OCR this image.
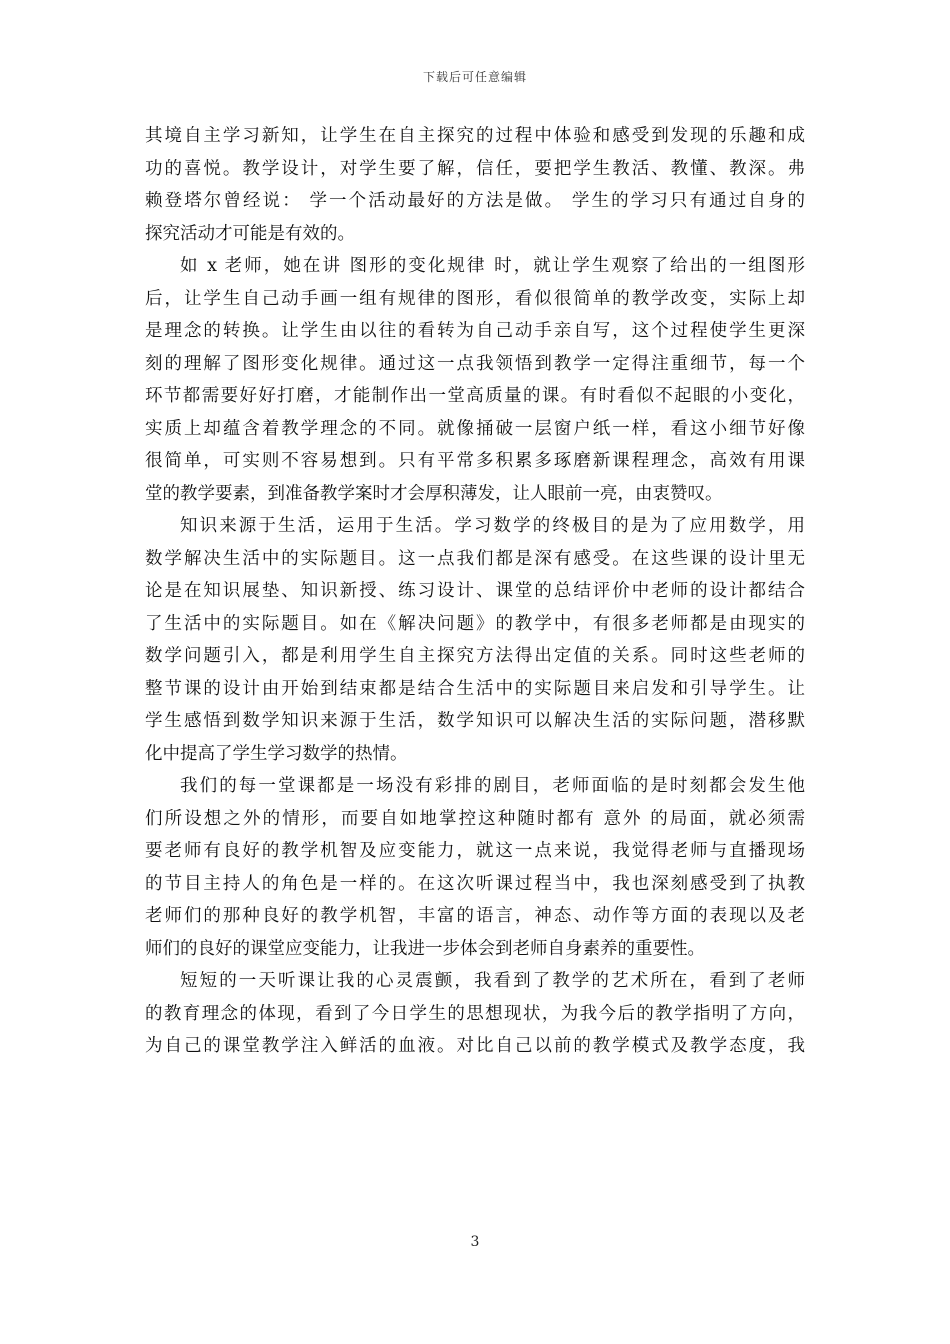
下载后可任意编辑

其境自主学习新知，让学生在自主探究的过程中体验和感受到发现的乐趣和成
功的喜悦。教学设计，对学生要了解，信任，要把学生教活、教懂、教深。弗
赖登塔尔曾经说： 学一个活动最好的方法是做。 学生的学习只有通过自身的
探究活动才可能是有效的。

如 x 老师，她在讲 图形的变化规律 时，就让学生观察了给出的一组图形
后，让学生自己动手画一组有规律的图形，看似很简单的教学改变，实际上却
是理念的转换。让学生由以往的看转为自己动手亲自写，这个过程使学生更深
刻的理解了图形变化规律。通过这一点我领悟到教学一定得注重细节，每一个
环节都需要好好打磨，才能制作出一堂高质量的课。有时看似不起眼的小变化，
实质上却蕴含着教学理念的不同。就像捅破一层窗户纸一样，看这小细节好像
很简单，可实则不容易想到。只有平常多积累多琢磨新课程理念，高效有用课
堂的教学要素，到准备教学案时才会厚积薄发，让人眼前一亮，由衷赞叹。

知识来源于生活，运用于生活。学习数学的终极目的是为了应用数学，用
数学解决生活中的实际题目。这一点我们都是深有感受。在这些课的设计里无
论是在知识展垫、知识新授、练习设计、课堂的总结评价中老师的设计都结合
了生活中的实际题目。如在《解决问题》的教学中，有很多老师都是由现实的
数学问题引入，都是利用学生自主探究方法得出定值的关系。同时这些老师的
整节课的设计由开始到结束都是结合生活中的实际题目来启发和引导学生。让
学生感悟到数学知识来源于生活，数学知识可以解决生活的实际问题，潜移默
化中提高了学生学习数学的热情。

我们的每一堂课都是一场没有彩排的剧目，老师面临的是时刻都会发生他
们所设想之外的情形，而要自如地掌控这种随时都有 意外 的局面，就必须需
要老师有良好的教学机智及应变能力，就这一点来说，我觉得老师与直播现场
的节目主持人的角色是一样的。在这次听课过程当中，我也深刻感受到了执教
老师们的那种良好的教学机智，丰富的语言，神态、动作等方面的表现以及老
师们的良好的课堂应变能力，让我进一步体会到老师自身素养的重要性。

短短的一天听课让我的心灵震颤，我看到了教学的艺术所在，看到了老师
的教育理念的体现，看到了今日学生的思想现状，为我今后的教学指明了方向，
为自己的课堂教学注入鲜活的血液。对比自己以前的教学模式及教学态度，我

3
